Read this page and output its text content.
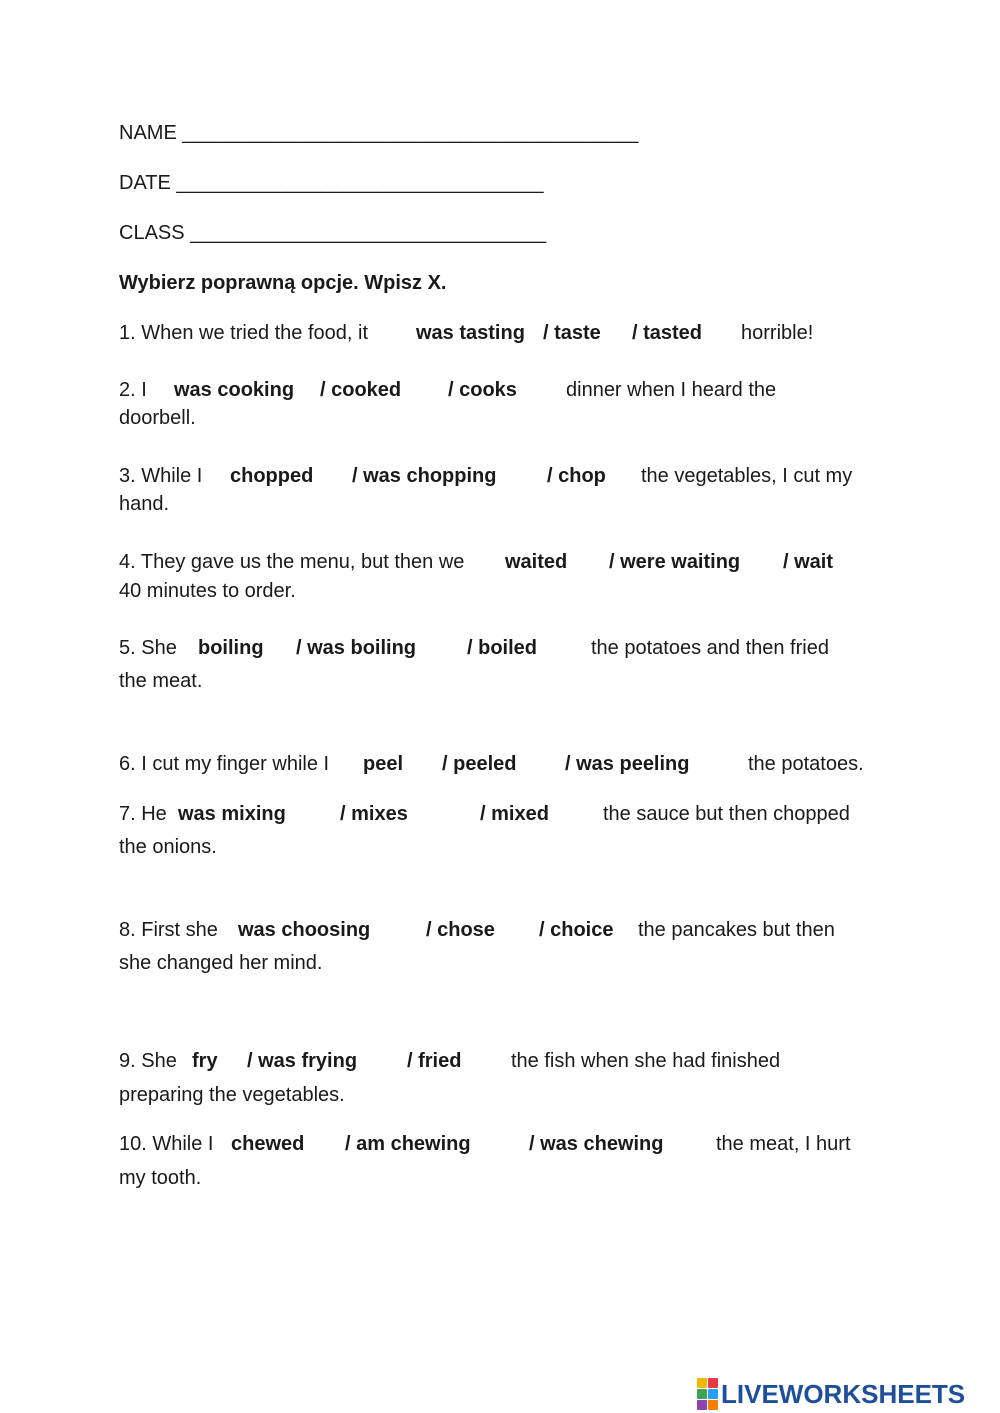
NAME _________________________________________
DATE _________________________________
CLASS ________________________________
Wybierz poprawną opcje. Wpisz X.
1. When we tried the food, it was tasting / taste / tasted horrible!
2. I was cooking / cooked / cooks dinner when I heard the
doorbell.
3. While I chopped / was chopping	/ chop the vegetables, I cut my
hand.
4. They gave us the menu, but then we waited / were waiting / wait
40 minutes to order.
5. She boiling / was boiling	/ boiled	the potatoes and then fried
the meat.
6. I cut my finger while I peel / peeled / was peeling	the potatoes.
7. He was mixing	/ mixes	/ mixed	the sauce but then chopped
the onions.
8. First she was choosing	/ chose / choice the pancakes but then
she changed her mind.
9. She fry / was frying / fried the fish when she had finished
preparing the vegetables.
10. While I chewed / am chewing	/ was chewing	the meat, I hurt
my tooth.
LIVEWORKSHEETS
